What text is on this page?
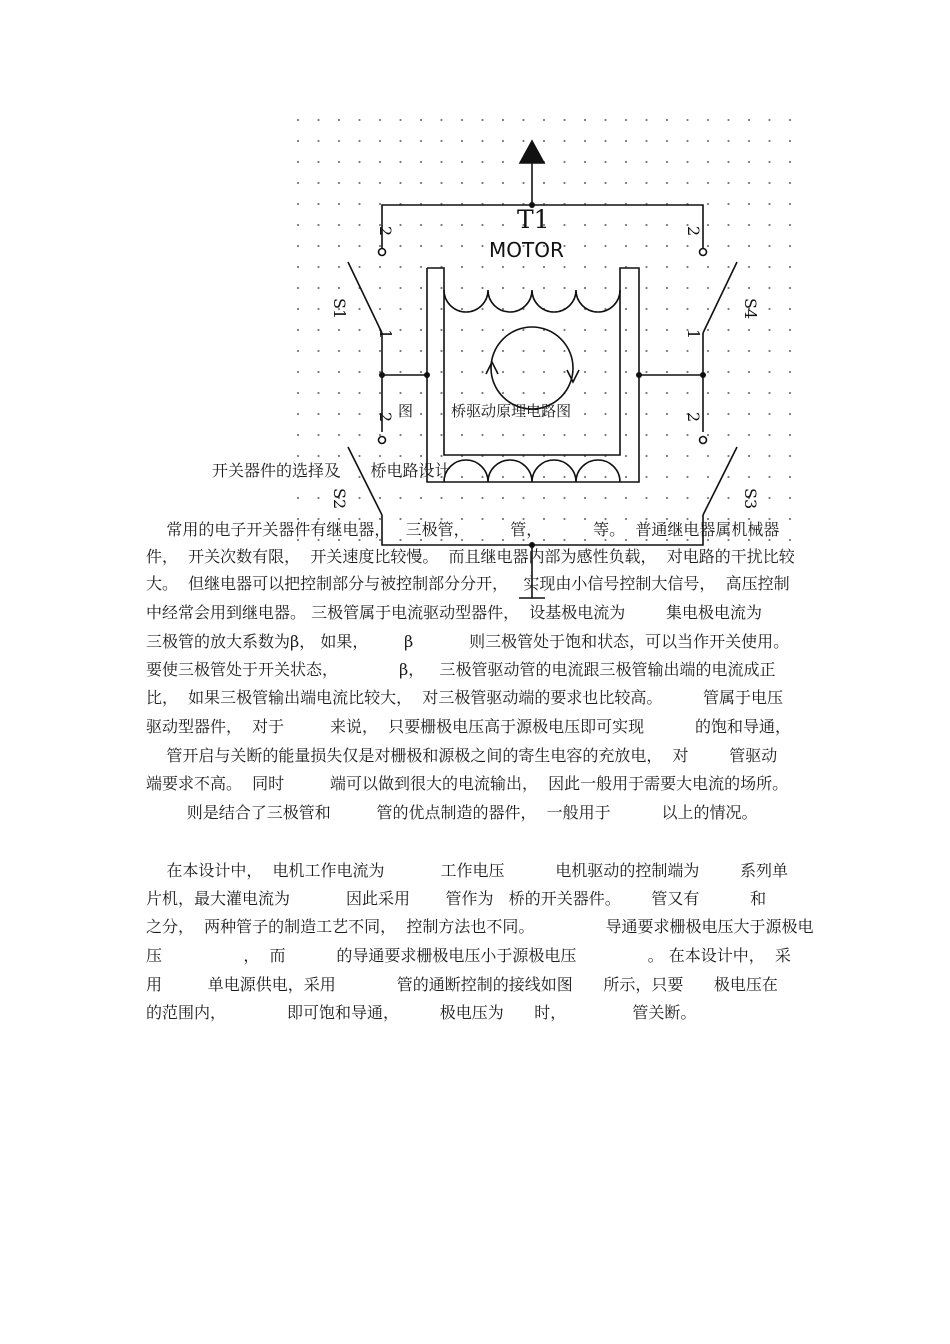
T1
MOTOR
2
1
S1
2
1
S4
2
S2
2
S3
图        桥驱动原理电路图
开关器件的选择及      桥电路设计
常用的电子开关器件有继电器，   三极管，        管，          等。  普通继电器属机械器
件，  开关次数有限，  开关速度比较慢。  而且继电器内部为感性负载，  对电路的干扰比较
大。  但继电器可以把控制部分与被控制部分分开，   实现由小信号控制大信号，  高压控制
中经常会用到继电器。 三极管属于电流驱动型器件，  设基极电流为        集电极电流为
三极管的放大系数为β， 如果，       β           则三极管处于饱和状态，可以当作开关使用。
要使三极管处于开关状态，            β，   三极管驱动管的电流跟三极管输出端的电流成正
比，  如果三极管输出端电流比较大，  对三极管驱动端的要求也比较高。        管属于电压
驱动型器件，  对于         来说，  只要栅极电压高于源极电压即可实现          的饱和导通，
管开启与关断的能量损失仅是对栅极和源极之间的寄生电容的充放电，  对        管驱动
端要求不高。  同时         端可以做到很大的电流输出，  因此一般用于需要大电流的场所。
则是结合了三极管和         管的优点制造的器件，  一般用于          以上的情况。
在本设计中，  电机工作电流为           工作电压          电机驱动的控制端为        系列单
片机，最大灌电流为           因此采用       管作为   桥的开关器件。      管又有          和
之分，  两种管子的制造工艺不同，  控制方法也不同。              导通要求栅极电压大于源极电
压                ，  而          的导通要求栅极电压小于源极电压              。 在本设计中，  采
用         单电源供电，采用            管的通断控制的接线如图      所示，只要      极电压在
的范围内，            即可饱和导通，        极电压为      时，             管关断。
